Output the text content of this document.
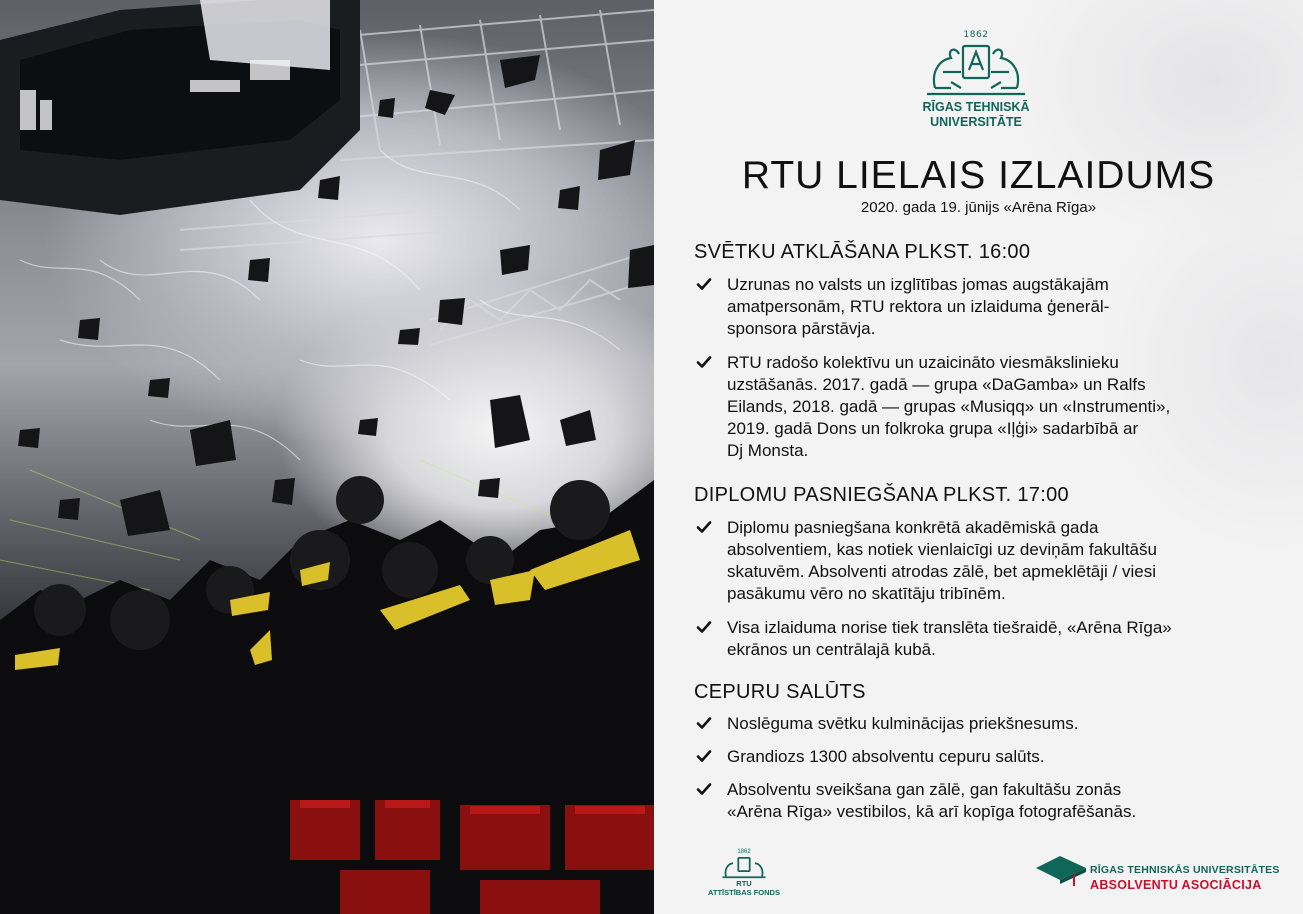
1862
RĪGAS TEHNISKĀ
UNIVERSITĀTE
RTU LIELAIS IZLAIDUMS
2020. gada 19. jūnijs «Arēna Rīga»
SVĒTKU ATKLĀŠANA PLKST. 16:00
Uzrunas no valsts un izglītības jomas augstākajām
amatpersonām, RTU rektora un izlaiduma ģenerāl-
sponsora pārstāvja.
RTU radošo kolektīvu un uzaicināto viesmākslinieku
uzstāšanās. 2017. gadā — grupa «DaGamba» un Ralfs
Eilands, 2018. gadā — grupas «Musiqq» un «Instrumenti»,
2019. gadā Dons un folkroka grupa «Iļģi» sadarbībā ar
Dj Monsta.
DIPLOMU PASNIEGŠANA PLKST. 17:00
Diplomu pasniegšana konkrētā akadēmiskā gada
absolventiem, kas notiek vienlaicīgi uz deviņām fakultāšu
skatuvēm. Absolventi atrodas zālē, bet apmeklētāji / viesi
pasākumu vēro no skatītāju tribīnēm.
Visa izlaiduma norise tiek translēta tiešraidē, «Arēna Rīga»
ekrānos un centrālajā kubā.
CEPURU SALŪTS
Noslēguma svētku kulminācijas priekšnesums.
Grandiozs 1300 absolventu cepuru salūts.
Absolventu sveikšana gan zālē, gan fakultāšu zonās
«Arēna Rīga» vestibilos, kā arī kopīga fotografēšanās.
1862
RTU
ATTĪSTĪBAS FONDS
RĪGAS TEHNISKĀS UNIVERSITĀTES
ABSOLVENTU ASOCIĀCIJA
